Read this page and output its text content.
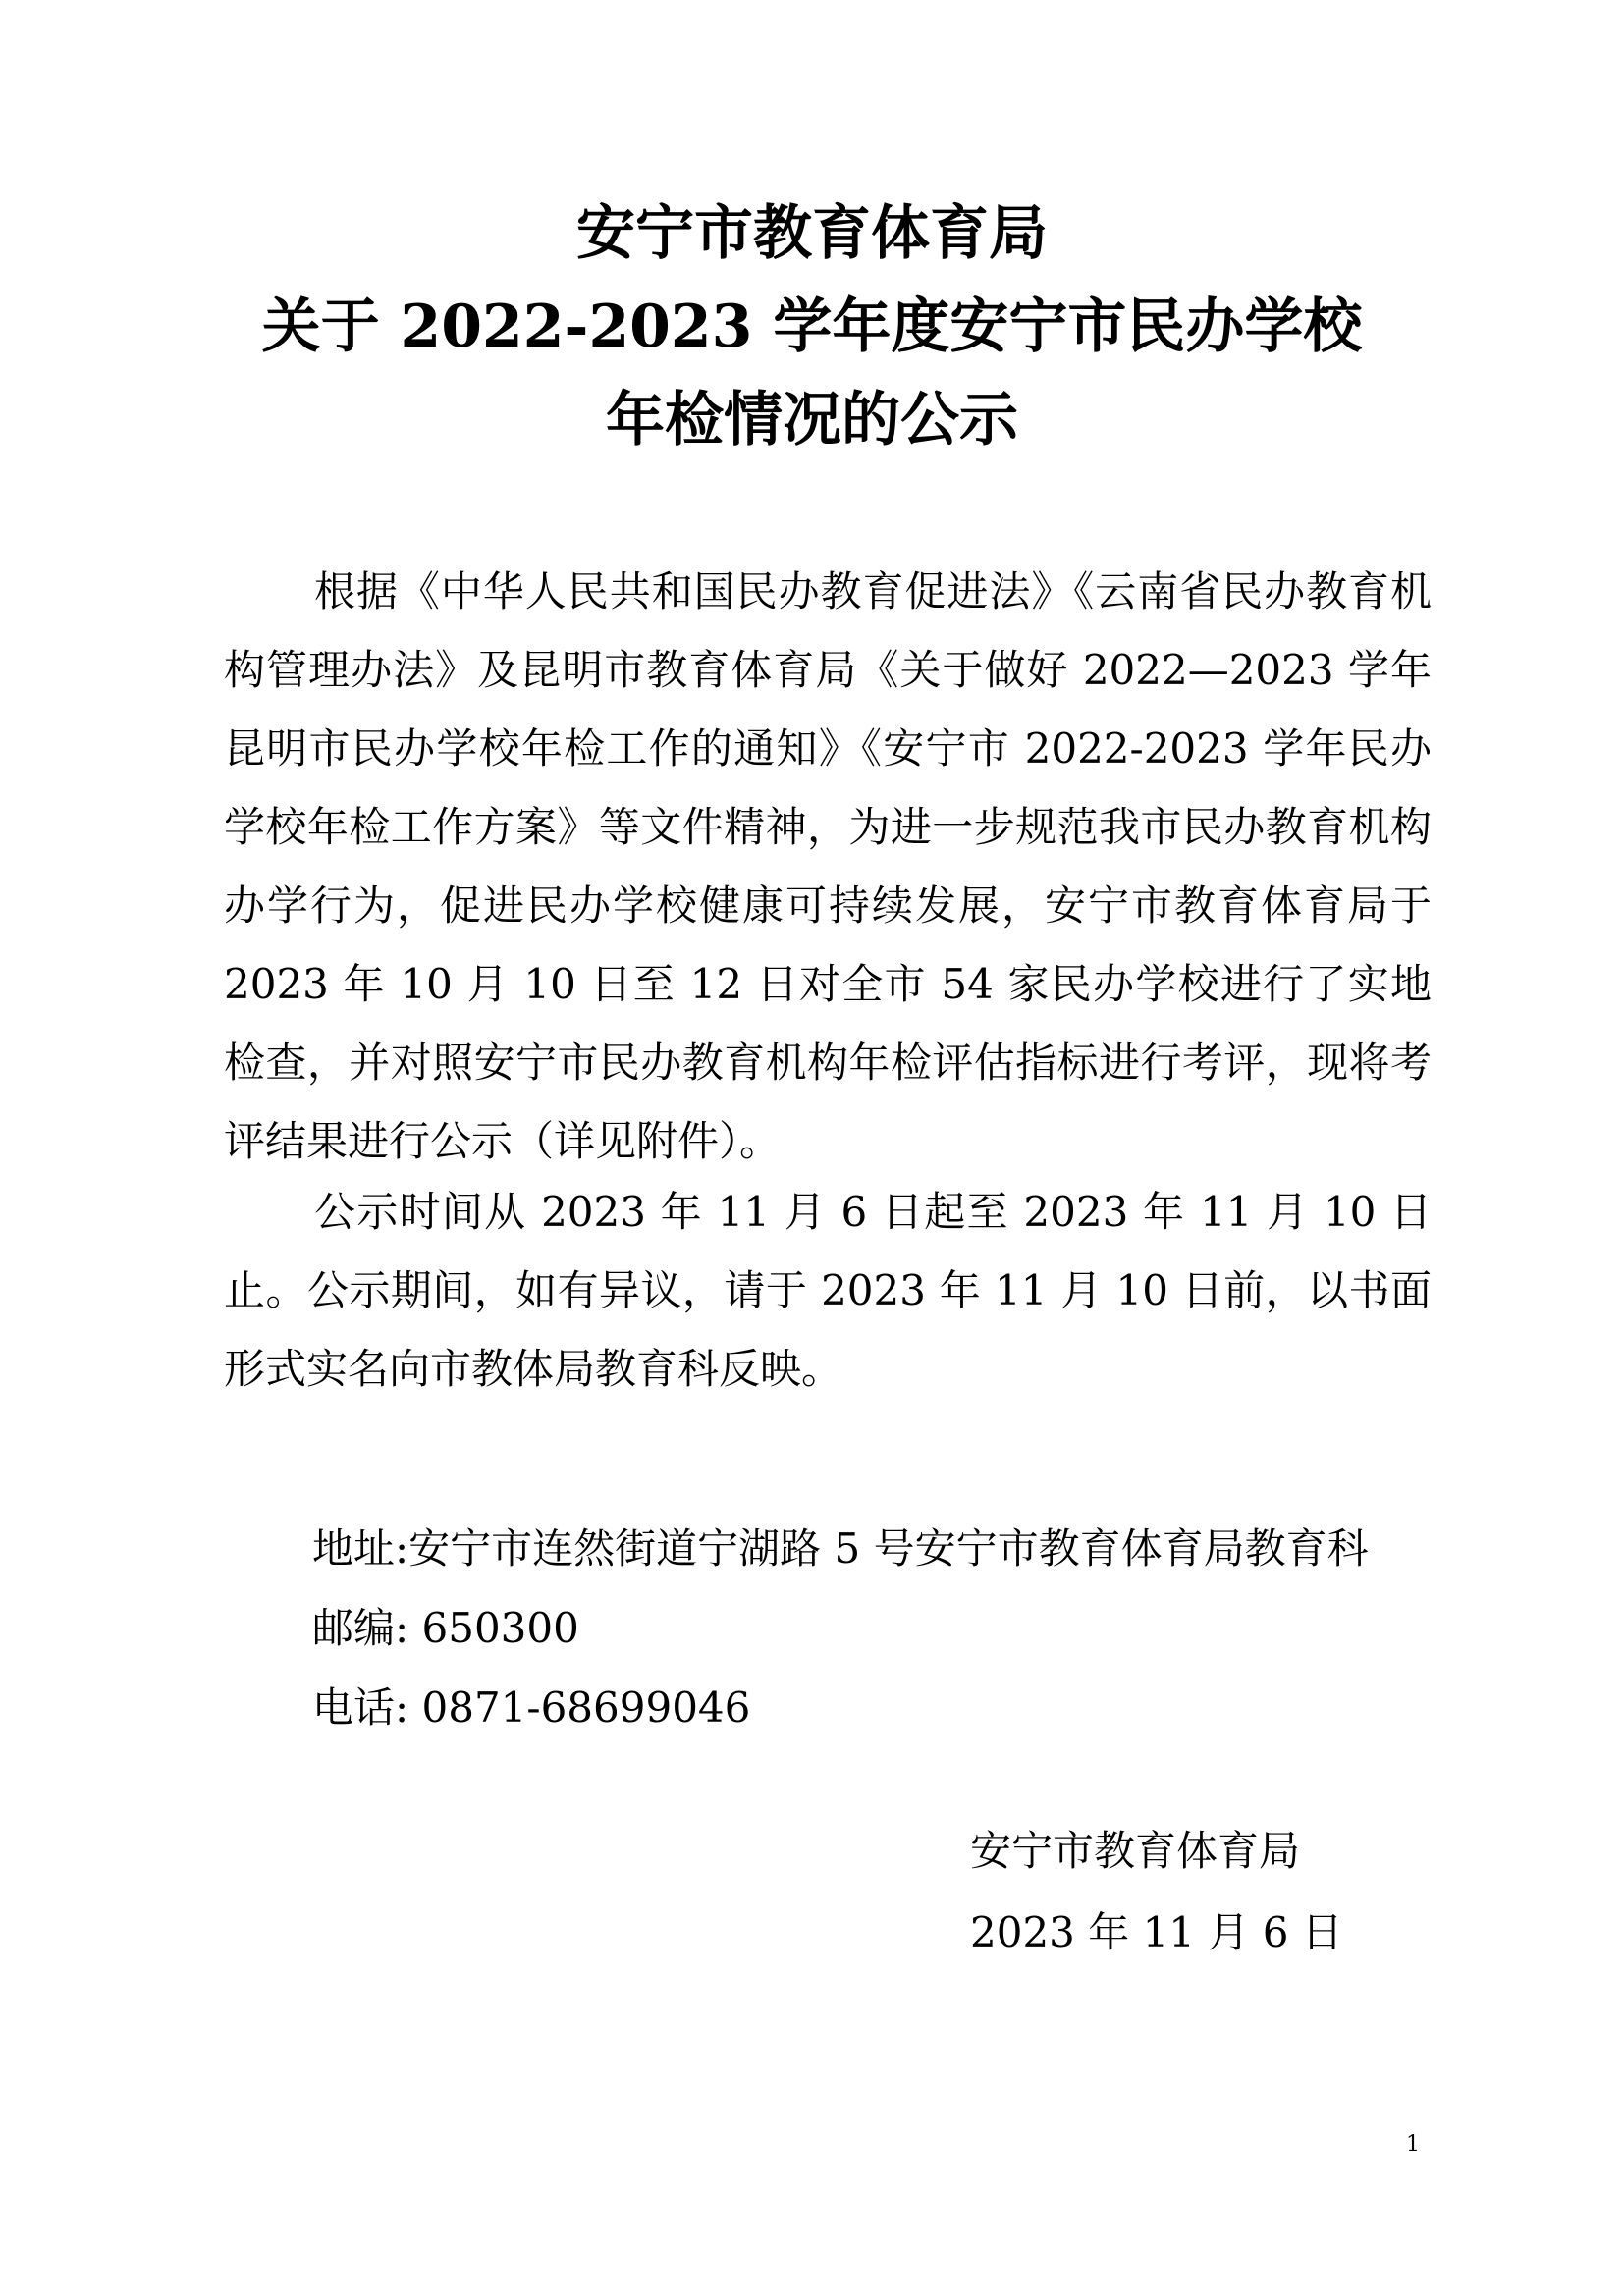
安宁市教育体育局
关于 2022-2023 学年度安宁市民办学校
年检情况的公示

根据《中华人民共和国民办教育促进法》《云南省民办教育机构管理办法》及昆明市教育体育局《关于做好 2022—2023 学年昆明市民办学校年检工作的通知》《安宁市 2022-2023 学年民办学校年检工作方案》等文件精神，为进一步规范我市民办教育机构办学行为，促进民办学校健康可持续发展，安宁市教育体育局于 2023 年 10 月 10 日至 12 日对全市 54 家民办学校进行了实地检查，并对照安宁市民办教育机构年检评估指标进行考评，现将考评结果进行公示（详见附件）。

公示时间从 2023 年 11 月 6 日起至 2023 年 11 月 10 日止。公示期间，如有异议，请于 2023 年 11 月 10 日前，以书面形式实名向市教体局教育科反映。

地址:安宁市连然街道宁湖路 5 号安宁市教育体育局教育科
邮编: 650300
电话: 0871-68699046
安宁市教育体育局
2023 年 11 月 6 日
1
